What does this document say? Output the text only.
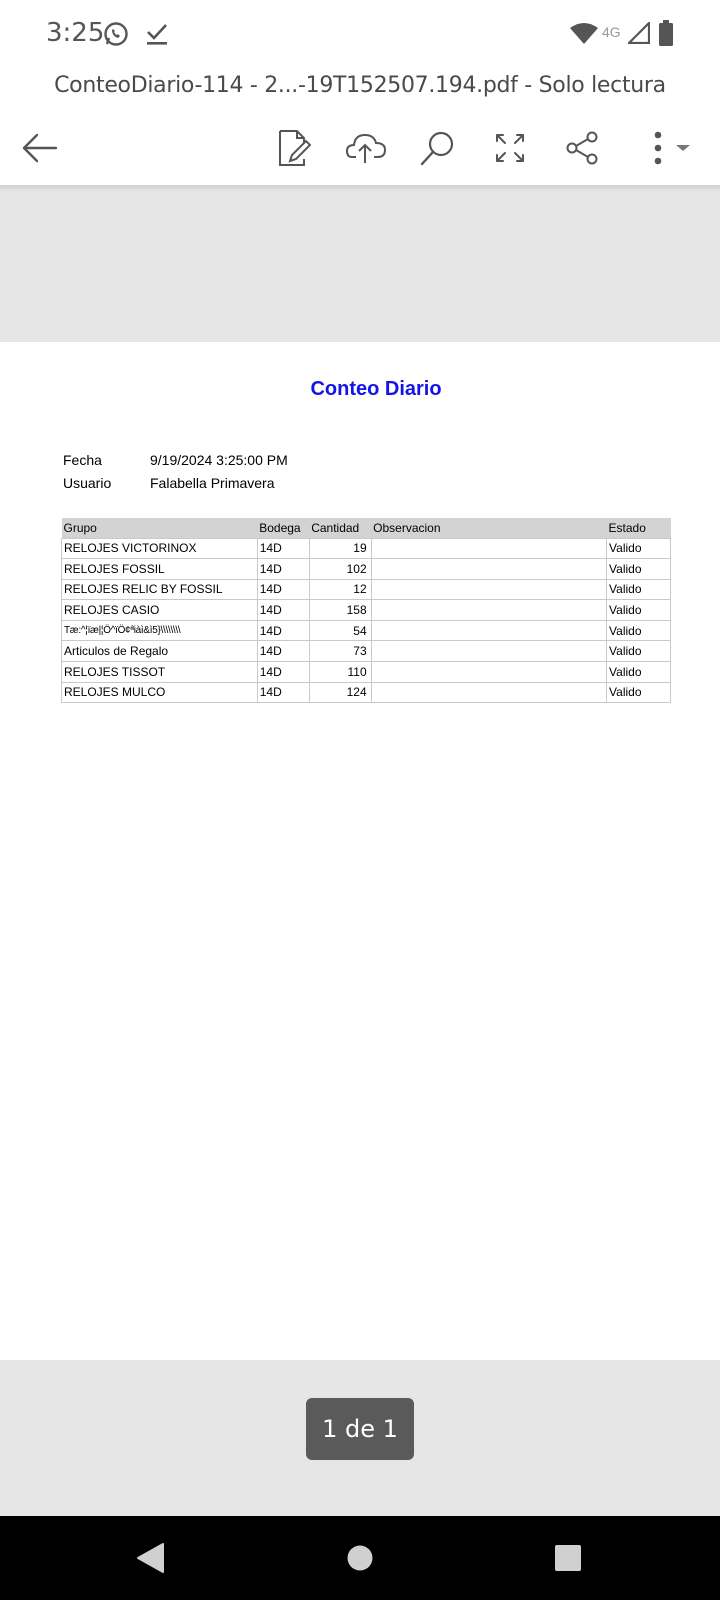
3:25	4G
ConteoDiario-114 - 2...-19T152507.194.pdf - Solo lectura
Conteo Diario
Fecha	9/19/2024 3:25:00 PM
Usuario	Falabella Primavera
Grupo	Bodega	Cantidad	Observacion	Estado
RELOJES VICTORINOX	14D	19		Valido
RELOJES FOSSIL	14D	102		Valido
RELOJES RELIC BY FOSSIL	14D	12		Valido
RELOJES CASIO	14D	158		Valido
Tæ:^¦ïæ|¦Ö^ïÖ¢ªiàì&ì5}\\\\\\\\	14D	54		Valido
Articulos de Regalo	14D	73		Valido
RELOJES TISSOT	14D	110		Valido
RELOJES MULCO	14D	124		Valido
1 de 1
